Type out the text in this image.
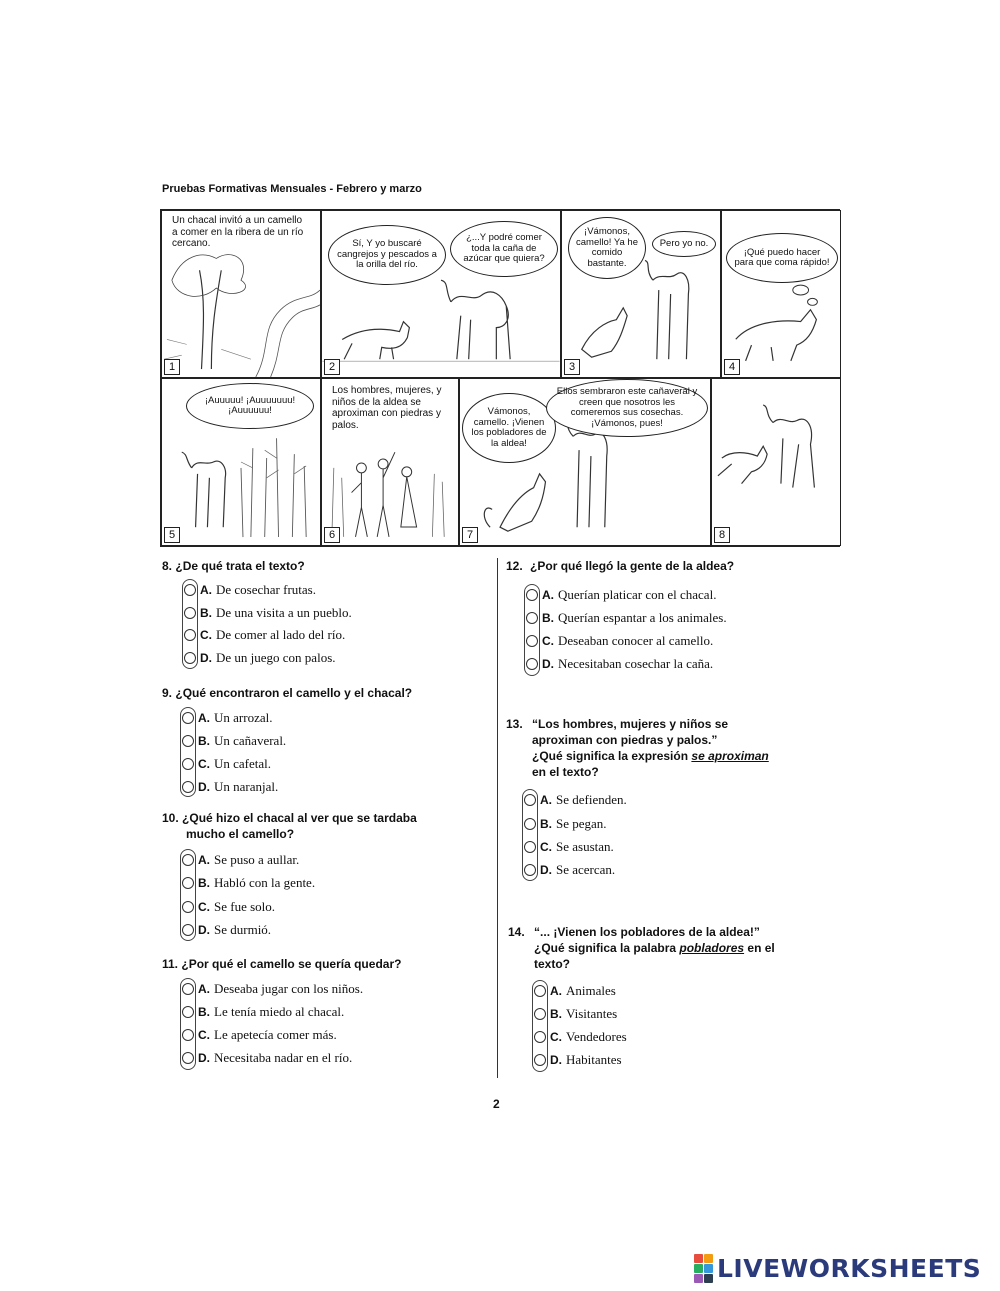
Pruebas Formativas Mensuales - Febrero y marzo
Un chacal invitó a un camello a comer en la ribera de un río cercano.
1
Sí, Y yo buscaré cangrejos y pescados a la orilla del río.
¿...Y podré comer toda la caña de azúcar que quiera?
2
¡Vámonos, camello! Ya he comido bastante.
3
Pero yo no.
¡Qué puedo hacer para que coma rápido!
4
¡Auuuuu! ¡Auuuuuuu! ¡Auuuuuu!
5
Los hombres, mujeres, y niños de la aldea se aproximan con piedras y palos.
6
Vámonos, camello. ¡Vienen los pobladores de la aldea!
Ellos sembraron este cañaveral y creen que nosotros les comeremos sus cosechas. ¡Vámonos, pues!
7	8
8. ¿De qué trata el texto?
A. De cosechar frutas.
B. De una visita a un pueblo.
C. De comer al lado del río.
D. De un juego con palos.
9. ¿Qué encontraron el camello y el chacal?
A. Un arrozal.
B. Un cañaveral.
C. Un cafetal.
D. Un naranjal.
10. ¿Qué hizo el chacal al ver que se tardaba
mucho el camello?
A. Se puso a aullar.
B. Habló con la gente.
C. Se fue solo.
D. Se durmió.
11. ¿Por qué el camello se quería quedar?
A. Deseaba jugar con los niños.
B. Le tenía miedo al chacal.
C. Le apetecía comer más.
D. Necesitaba nadar en el río.
12. ¿Por qué llegó la gente de la aldea?
A. Querían platicar con el chacal.
B. Querían espantar a los animales.
C. Deseaban conocer al camello.
D. Necesitaban cosechar la caña.
13. “Los hombres, mujeres y niños se
aproximan con piedras y palos.”
¿Qué significa la expresión se aproximan
en el texto?
A. Se defienden.
B. Se pegan.
C. Se asustan.
D. Se acercan.
14. “... ¡Vienen los pobladores de la aldea!”
¿Qué significa la palabra pobladores en el
texto?
A. Animales
B. Visitantes
C. Vendedores
D. Habitantes
2
LIVEWORKSHEETS
